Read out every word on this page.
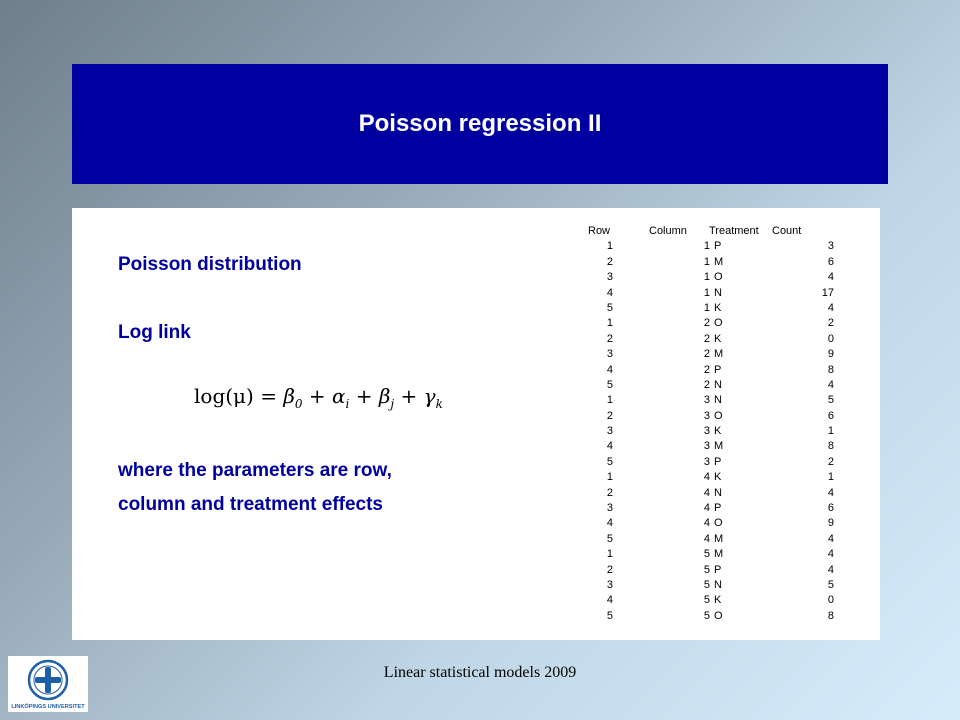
Poisson regression II
Poisson distribution
Log link
where the parameters are row,
column and treatment effects
$\log(\mu) = \beta_0 + \alpha_i + \beta_j + \gamma_k$
Row	Column Treatment Count
1	1 P	3
2	1 M	6
3	1 O	4
4	1 N	17
5	1 K	4
1	2 O	2
2	2 K	0
3	2 M	9
4	2 P	8
5	2 N	4
1	3 N	5
2	3 O	6
3	3 K	1
4	3 M	8
5	3 P	2
1	4 K	1
2	4 N	4
3	4 P	6
4	4 O	9
5	4 M	4
1	5 M	4
2	5 P	4
3	5 N	5
4	5 K	0
5	5 O	8
Linear statistical models 2009
LINKÖPINGS UNIVERSITET
